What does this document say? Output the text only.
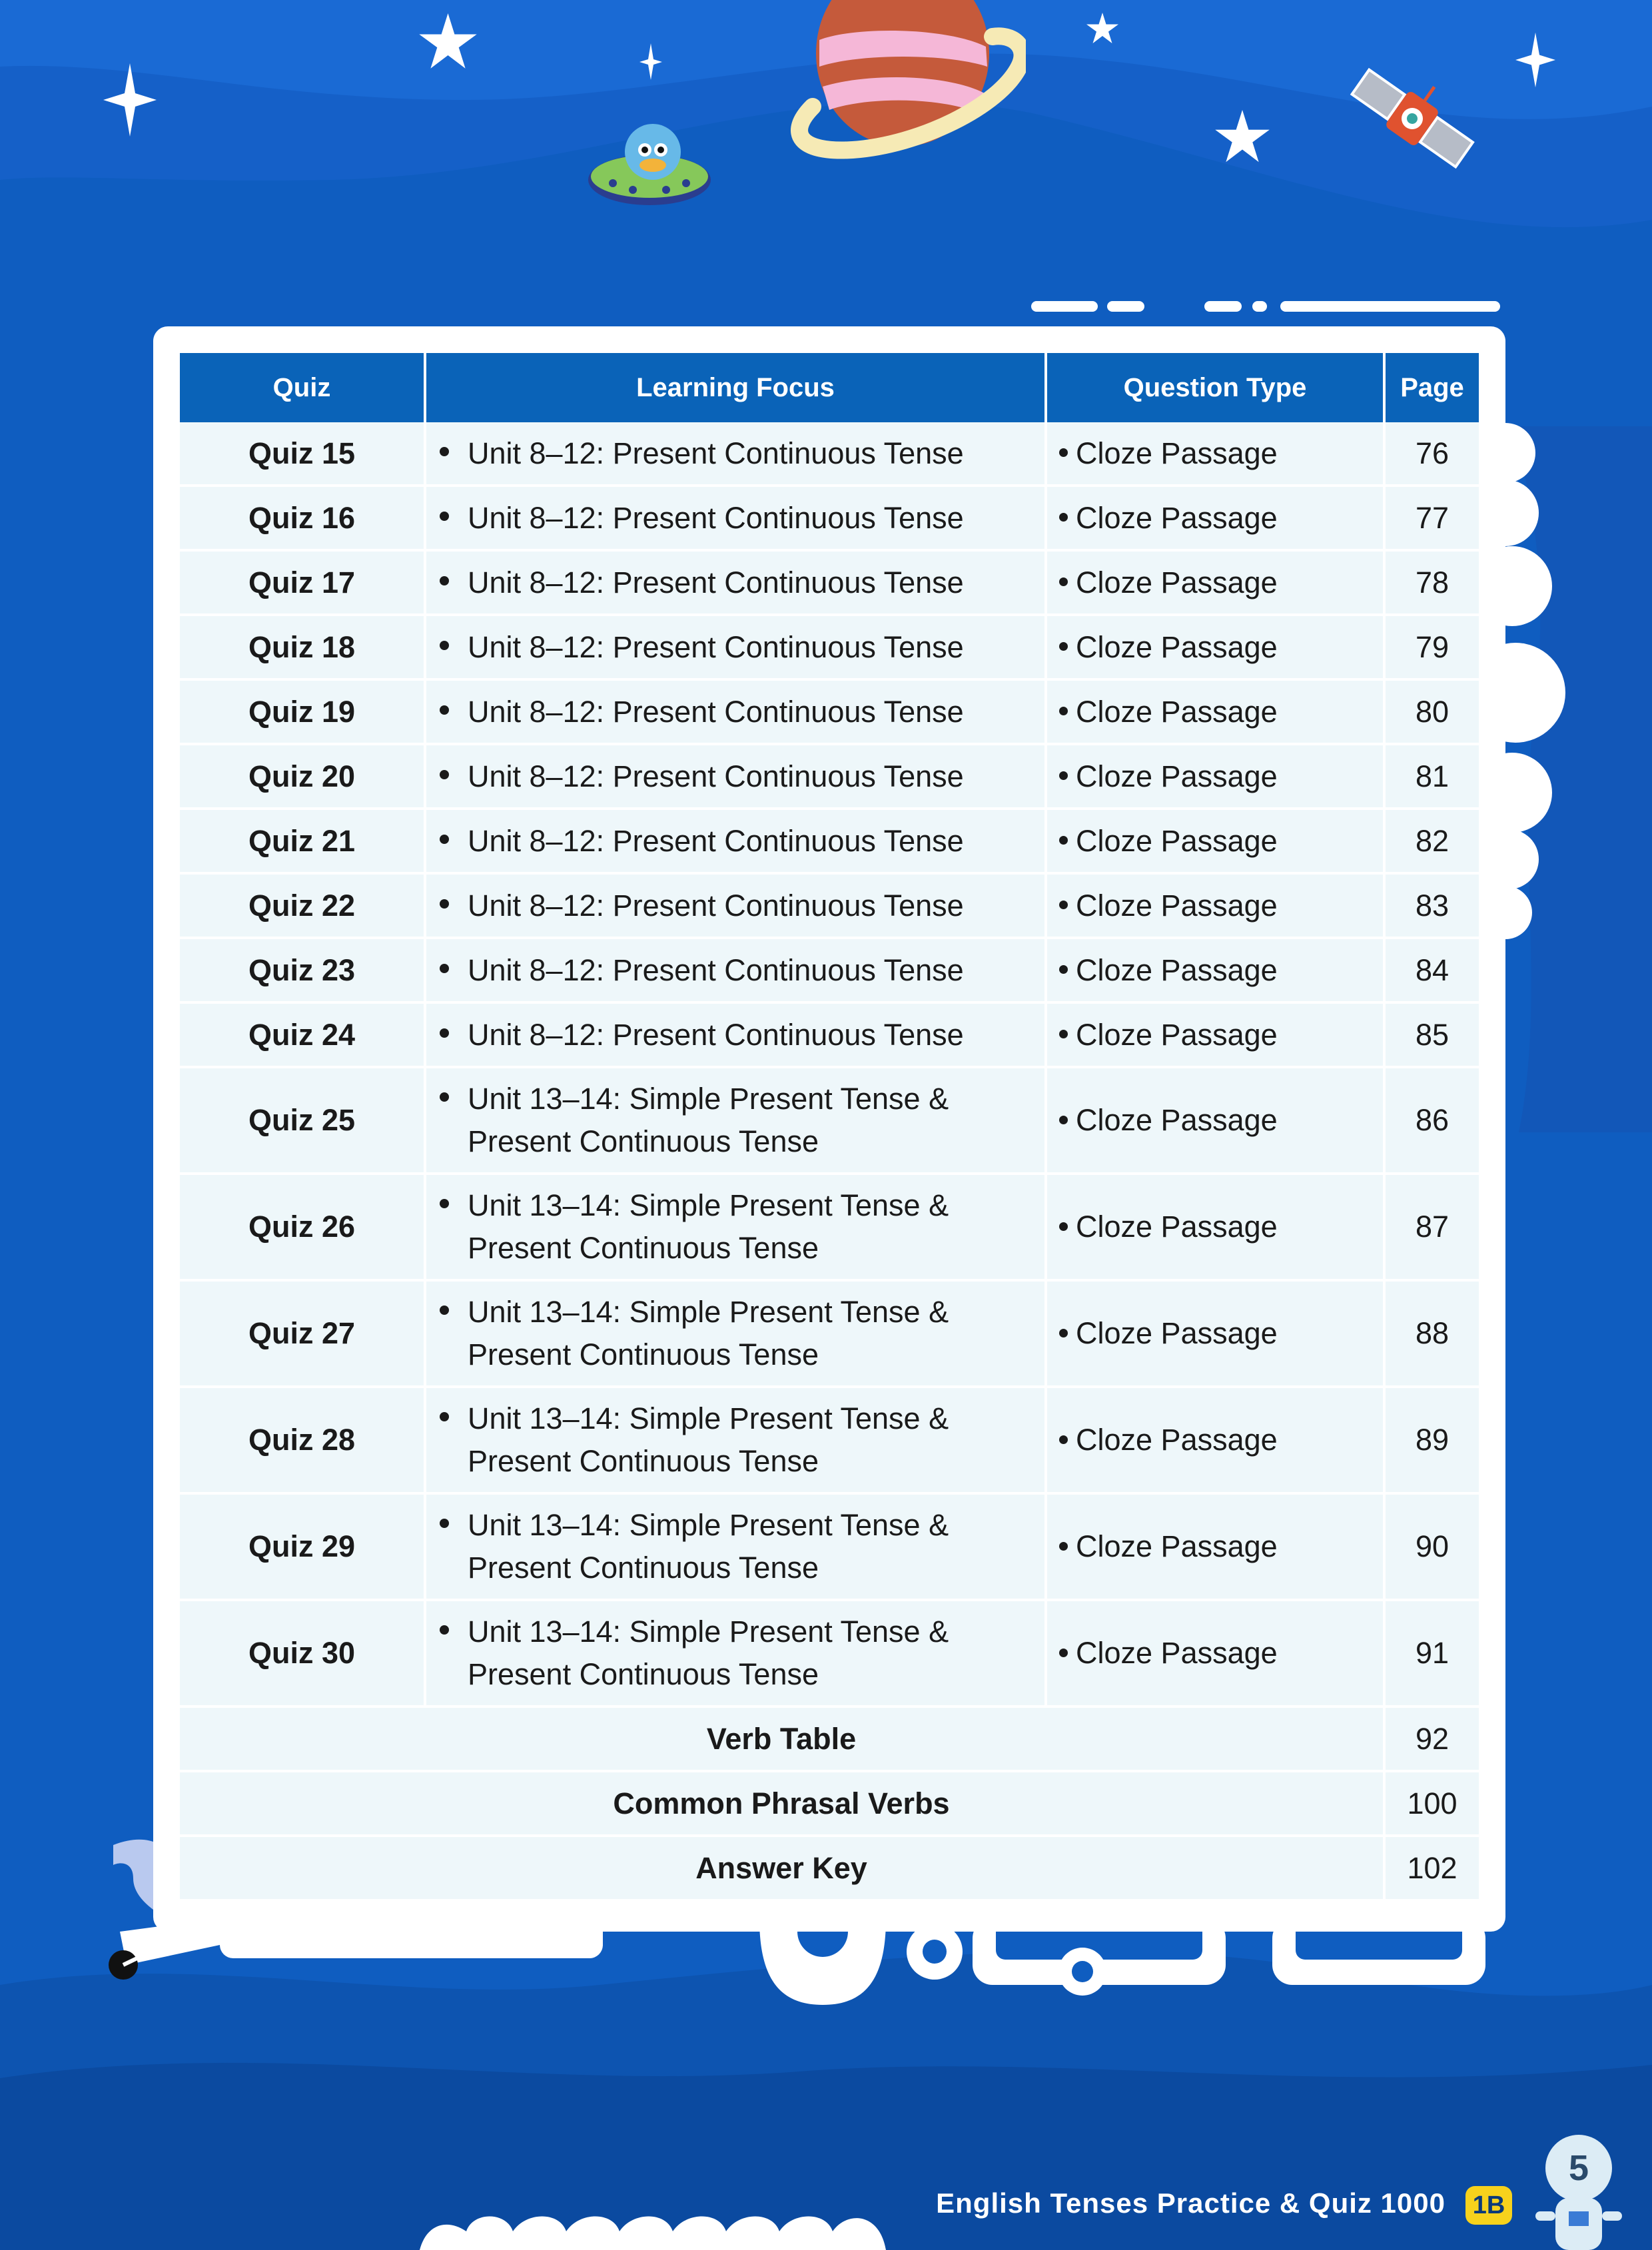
Quiz	Learning Focus	Question Type	Page
Quiz 15	Unit 8–12: Present Continuous Tense	Cloze Passage	76
Quiz 16	Unit 8–12: Present Continuous Tense	Cloze Passage	77
Quiz 17	Unit 8–12: Present Continuous Tense	Cloze Passage	78
Quiz 18	Unit 8–12: Present Continuous Tense	Cloze Passage	79
Quiz 19	Unit 8–12: Present Continuous Tense	Cloze Passage	80
Quiz 20	Unit 8–12: Present Continuous Tense	Cloze Passage	81
Quiz 21	Unit 8–12: Present Continuous Tense	Cloze Passage	82
Quiz 22	Unit 8–12: Present Continuous Tense	Cloze Passage	83
Quiz 23	Unit 8–12: Present Continuous Tense	Cloze Passage	84
Quiz 24	Unit 8–12: Present Continuous Tense	Cloze Passage	85
Quiz 25	Unit 13–14: Simple Present Tense & Present Continuous Tense	Cloze Passage	86
Quiz 26	Unit 13–14: Simple Present Tense & Present Continuous Tense	Cloze Passage	87
Quiz 27	Unit 13–14: Simple Present Tense & Present Continuous Tense	Cloze Passage	88
Quiz 28	Unit 13–14: Simple Present Tense & Present Continuous Tense	Cloze Passage	89
Quiz 29	Unit 13–14: Simple Present Tense & Present Continuous Tense	Cloze Passage	90
Quiz 30	Unit 13–14: Simple Present Tense & Present Continuous Tense	Cloze Passage	91
Verb Table			92
Common Phrasal Verbs			100
Answer Key			102
English Tenses Practice & Quiz 1000 1B
5
